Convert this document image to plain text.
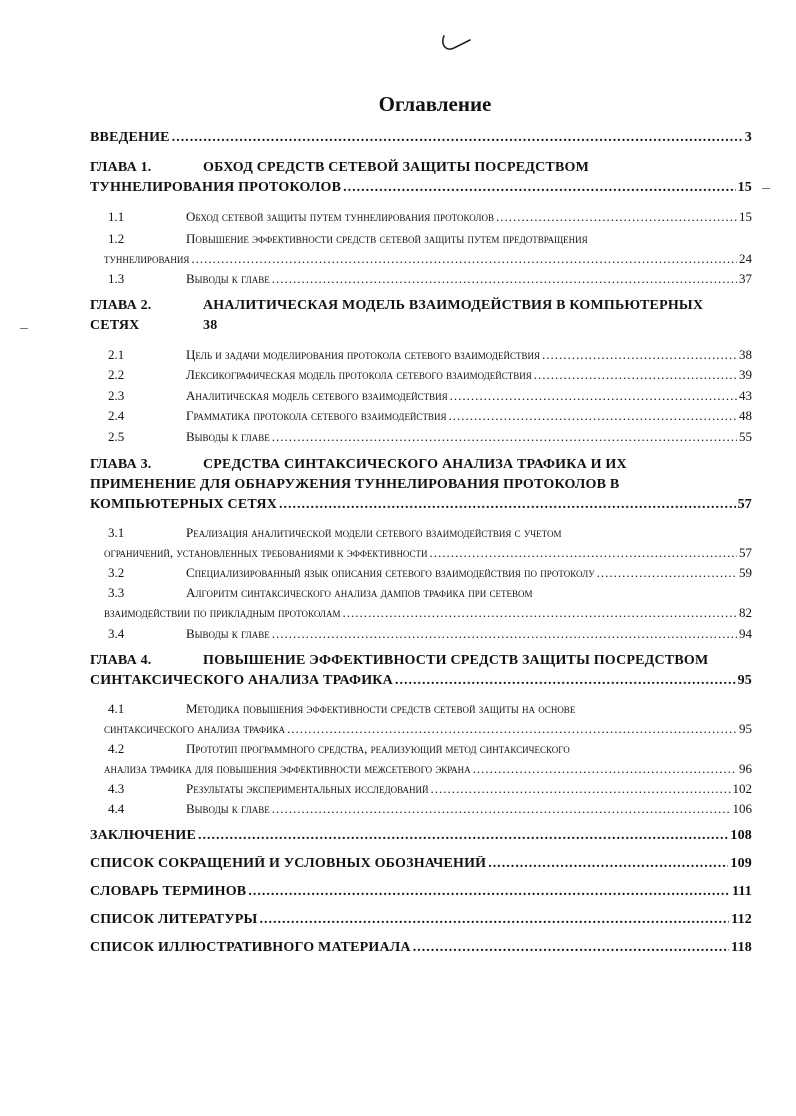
Оглавление
ВВЕДЕНИЕ .....	3
ГЛАВА 1.	ОБХОД СРЕДСТВ СЕТЕВОЙ ЗАЩИТЫ ПОСРЕДСТВОМ
ТУННЕЛИРОВАНИЯ ПРОТОКОЛОВ .....	15
1.1	Обход сетевой защиты путем туннелирования протоколов .....	15
1.2	Повышение эффективности средств сетевой защиты путем предотвращения
туннелирования .....	24
1.3	Выводы к главе .....	37
ГЛАВА 2.	АНАЛИТИЧЕСКАЯ МОДЕЛЬ ВЗАИМОДЕЙСТВИЯ В КОМПЬЮТЕРНЫХ
СЕТЯХ	38
2.1	Цель и задачи моделирования протокола сетевого взаимодействия .....	38
2.2	Лексикографическая модель протокола сетевого взаимодействия .....	39
2.3	Аналитическая модель сетевого взаимодействия .....	43
2.4	Грамматика протокола сетевого взаимодействия .....	48
2.5	Выводы к главе .....	55
ГЛАВА 3.	СРЕДСТВА СИНТАКСИЧЕСКОГО АНАЛИЗА ТРАФИКА И ИХ
ПРИМЕНЕНИЕ ДЛЯ ОБНАРУЖЕНИЯ ТУННЕЛИРОВАНИЯ ПРОТОКОЛОВ В
КОМПЬЮТЕРНЫХ СЕТЯХ .....	57
3.1	Реализация аналитической модели сетевого взаимодействия с учетом
ограничений, установленных требованиями к эффективности .....	57
3.2	Специализированный язык описания сетевого взаимодействия по протоколу .....	59
3.3	Алгоритм синтаксического анализа дампов трафика при сетевом
взаимодействии по прикладным протоколам .....	82
3.4	Выводы к главе .....	94
ГЛАВА 4.	ПОВЫШЕНИЕ ЭФФЕКТИВНОСТИ СРЕДСТВ ЗАЩИТЫ ПОСРЕДСТВОМ
СИНТАКСИЧЕСКОГО АНАЛИЗА ТРАФИКА .....	95
4.1	Методика повышения эффективности средств сетевой защиты на основе
синтаксического анализа трафика .....	95
4.2	Прототип программного средства, реализующий метод синтаксического
анализа трафика для повышения эффективности межсетевого экрана .....	96
4.3	Результаты экспериментальных исследований .....	102
4.4	Выводы к главе .....	106
ЗАКЛЮЧЕНИЕ .....	108
СПИСОК СОКРАЩЕНИЙ И УСЛОВНЫХ ОБОЗНАЧЕНИЙ .....	109
СЛОВАРЬ ТЕРМИНОВ .....	111
СПИСОК ЛИТЕРАТУРЫ .....	112
СПИСОК ИЛЛЮСТРАТИВНОГО МАТЕРИАЛА .....	118
